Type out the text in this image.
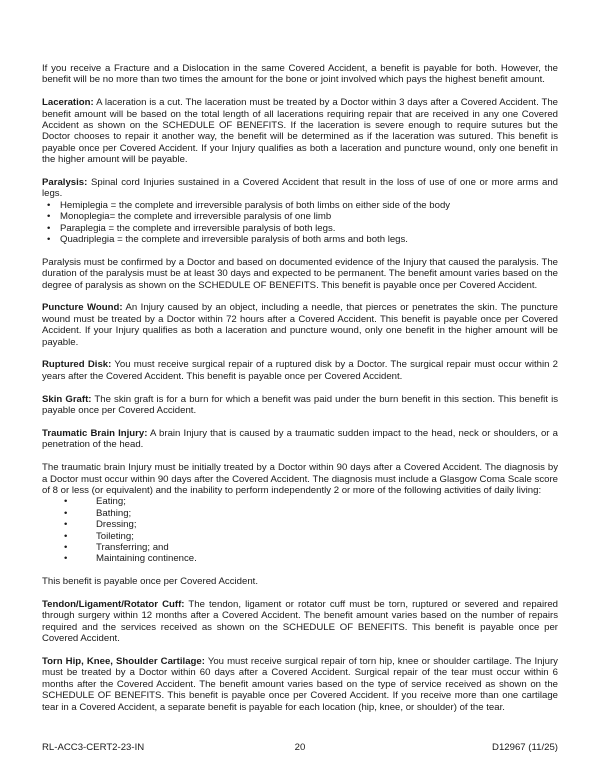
If you receive a Fracture and a Dislocation in the same Covered Accident, a benefit is payable for both. However, the benefit will be no more than two times the amount for the bone or joint involved which pays the highest benefit amount.

Laceration: A laceration is a cut. The laceration must be treated by a Doctor within 3 days after a Covered Accident. The benefit amount will be based on the total length of all lacerations requiring repair that are received in any one Covered Accident as shown on the SCHEDULE OF BENEFITS. If the laceration is severe enough to require sutures but the Doctor chooses to repair it another way, the benefit will be determined as if the laceration was sutured. This benefit is payable once per Covered Accident. If your Injury qualifies as both a laceration and puncture wound, only one benefit in the higher amount will be payable.

Paralysis: Spinal cord Injuries sustained in a Covered Accident that result in the loss of use of one or more arms and legs.

• Hemiplegia = the complete and irreversible paralysis of both limbs on either side of the body
• Monoplegia= the complete and irreversible paralysis of one limb
• Paraplegia = the complete and irreversible paralysis of both legs.
• Quadriplegia = the complete and irreversible paralysis of both arms and both legs.

Paralysis must be confirmed by a Doctor and based on documented evidence of the Injury that caused the paralysis. The duration of the paralysis must be at least 30 days and expected to be permanent. The benefit amount varies based on the degree of paralysis as shown on the SCHEDULE OF BENEFITS. This benefit is payable once per Covered Accident.

Puncture Wound: An Injury caused by an object, including a needle, that pierces or penetrates the skin. The puncture wound must be treated by a Doctor within 72 hours after a Covered Accident. This benefit is payable once per Covered Accident. If your Injury qualifies as both a laceration and puncture wound, only one benefit in the higher amount will be payable.

Ruptured Disk: You must receive surgical repair of a ruptured disk by a Doctor. The surgical repair must occur within 2 years after the Covered Accident. This benefit is payable once per Covered Accident.

Skin Graft: The skin graft is for a burn for which a benefit was paid under the burn benefit in this section. This benefit is payable once per Covered Accident.

Traumatic Brain Injury: A brain Injury that is caused by a traumatic sudden impact to the head, neck or shoulders, or a penetration of the head.

The traumatic brain Injury must be initially treated by a Doctor within 90 days after a Covered Accident. The diagnosis by a Doctor must occur within 90 days after the Covered Accident. The diagnosis must include a Glasgow Coma Scale score of 8 or less (or equivalent) and the inability to perform independently 2 or more of the following activities of daily living:

• Eating;
• Bathing;
• Dressing;
• Toileting;
• Transferring; and
• Maintaining continence.

This benefit is payable once per Covered Accident.

Tendon/Ligament/Rotator Cuff: The tendon, ligament or rotator cuff must be torn, ruptured or severed and repaired through surgery within 12 months after a Covered Accident. The benefit amount varies based on the number of repairs required and the services received as shown on the SCHEDULE OF BENEFITS. This benefit is payable once per Covered Accident.

Torn Hip, Knee, Shoulder Cartilage: You must receive surgical repair of torn hip, knee or shoulder cartilage. The Injury must be treated by a Doctor within 60 days after a Covered Accident. Surgical repair of the tear must occur within 6 months after the Covered Accident. The benefit amount varies based on the type of service received as shown on the SCHEDULE OF BENEFITS. This benefit is payable once per Covered Accident. If you receive more than one cartilage tear in a Covered Accident, a separate benefit is payable for each location (hip, knee, or shoulder) of the tear.

RL-ACC3-CERT2-23-IN	20	D12967 (11/25)
